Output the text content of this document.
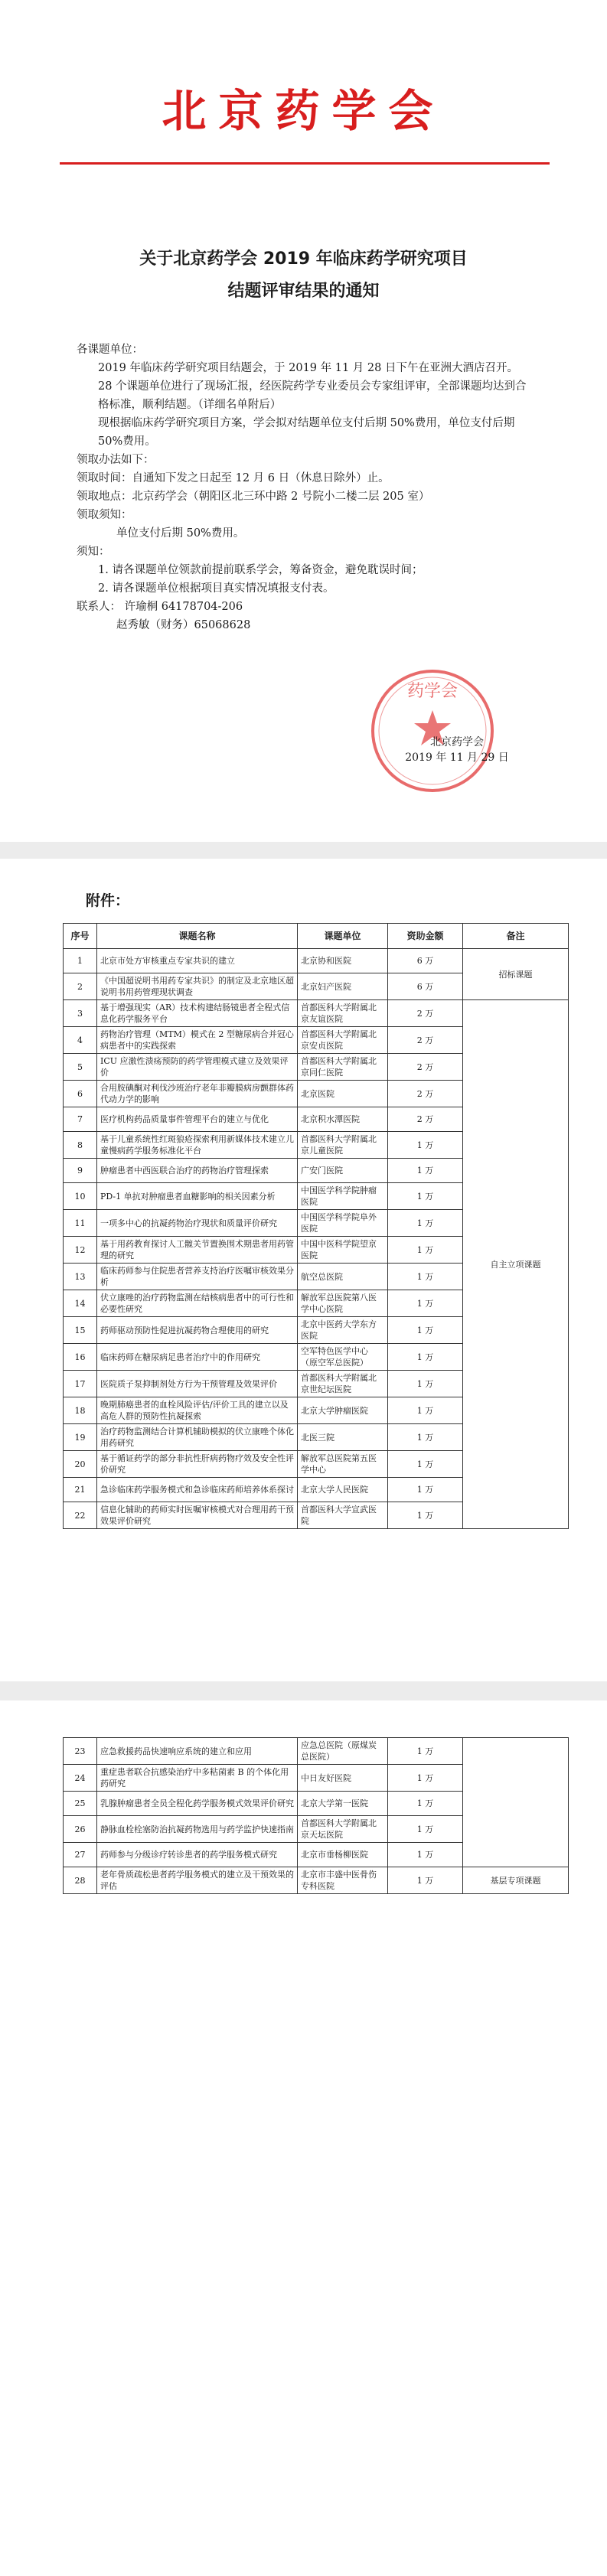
北京药学会
关于北京药学会 2019 年临床药学研究项目
结题评审结果的通知

各课题单位：

2019 年临床药学研究项目结题会，于 2019 年 11 月 28 日下午在亚洲大酒店召开。 28 个课题单位进行了现场汇报，经医院药学专业委员会专家组评审，全部课题均达到合格标准，顺利结题。（详细名单附后）

现根据临床药学研究项目方案，学会拟对结题单位支付后期 50%费用，单位支付后期 50%费用。

领取办法如下：

领取时间：自通知下发之日起至 12 月 6 日（休息日除外）止。

领取地点：北京药学会（朝阳区北三环中路 2 号院小二楼二层 205 室）

领取须知：

单位支付后期 50%费用。

须知：

1. 请各课题单位领款前提前联系学会，筹备资金，避免耽误时间；

2. 请各课题单位根据项目真实情况填报支付表。

联系人： 许瑜桐 64178704-206

赵秀敏（财务）65068628

药学会
北京药学会
2019 年 11 月 29 日
附件：
序号	课题名称	课题单位	资助金额	备注
1	北京市处方审核重点专家共识的建立	北京协和医院	6 万	招标课题
2	《中国超说明书用药专家共识》的制定及北京地区超说明书用药管理现状调查	北京妇产医院	6 万	
3	基于增强现实（AR）技术构建结肠镜患者全程式信息化药学服务平台	首都医科大学附属北京友谊医院	2 万	自主立项课题
4	药物治疗管理（MTM）模式在 2 型糖尿病合并冠心病患者中的实践探索	首都医科大学附属北京安贞医院	2 万	
5	ICU 应激性溃疡预防的药学管理模式建立及效果评价	首都医科大学附属北京同仁医院	2 万	
6	合用胺碘酮对利伐沙班治疗老年非瓣膜病房颤群体药代动力学的影响	北京医院	2 万	
7	医疗机构药品质量事件管理平台的建立与优化	北京积水潭医院	2 万	
8	基于儿童系统性红斑狼疮探索利用新媒体技术建立儿童慢病药学服务标准化平台	首都医科大学附属北京儿童医院	1 万	
9	肿瘤患者中西医联合治疗的药物治疗管理探索	广安门医院	1 万	
10	PD-1 单抗对肿瘤患者血糖影响的相关因素分析	中国医学科学院肿瘤医院	1 万	
11	一项多中心的抗凝药物治疗现状和质量评价研究	中国医学科学院阜外医院	1 万	
12	基于用药教育探讨人工髋关节置换围术期患者用药管理的研究	中国中医科学院望京医院	1 万	
13	临床药师参与住院患者营养支持治疗医嘱审核效果分析	航空总医院	1 万	
14	伏立康唑的治疗药物监测在结核病患者中的可行性和必要性研究	解放军总医院第八医学中心医院	1 万	
15	药师驱动预防性促进抗凝药物合理使用的研究	北京中医药大学东方医院	1 万	
16	临床药师在糖尿病足患者治疗中的作用研究	空军特色医学中心（原空军总医院）	1 万	
17	医院质子泵抑制剂处方行为干预管理及效果评价	首都医科大学附属北京世纪坛医院	1 万	
18	晚期肺癌患者的血栓风险评估/评价工具的建立以及高危人群的预防性抗凝探索	北京大学肿瘤医院	1 万	
19	治疗药物监测结合计算机辅助模拟的伏立康唑个体化用药研究	北医三院	1 万	
20	基于循证药学的部分非抗性肝病药物疗效及安全性评价研究	解放军总医院第五医学中心	1 万	
21	急诊临床药学服务模式和急诊临床药师培养体系探讨	北京大学人民医院	1 万	
22	信息化辅助的药师实时医嘱审核模式对合理用药干预效果评价研究	首都医科大学宣武医院	1 万	
23	应急救援药品快速响应系统的建立和应用	应急总医院（原煤炭总医院）	1 万	
24	重症患者联合抗感染治疗中多粘菌素 B 的个体化用药研究	中日友好医院	1 万	
25	乳腺肿瘤患者全员全程化药学服务模式效果评价研究	北京大学第一医院	1 万	
26	静脉血栓栓塞防治抗凝药物选用与药学监护快速指南	首都医科大学附属北京天坛医院	1 万	
27	药师参与分级诊疗转诊患者的药学服务模式研究	北京市垂杨柳医院	1 万	
28	老年骨质疏松患者药学服务模式的建立及干预效果的评估	北京市丰盛中医骨伤专科医院	1 万	基层专项课题
